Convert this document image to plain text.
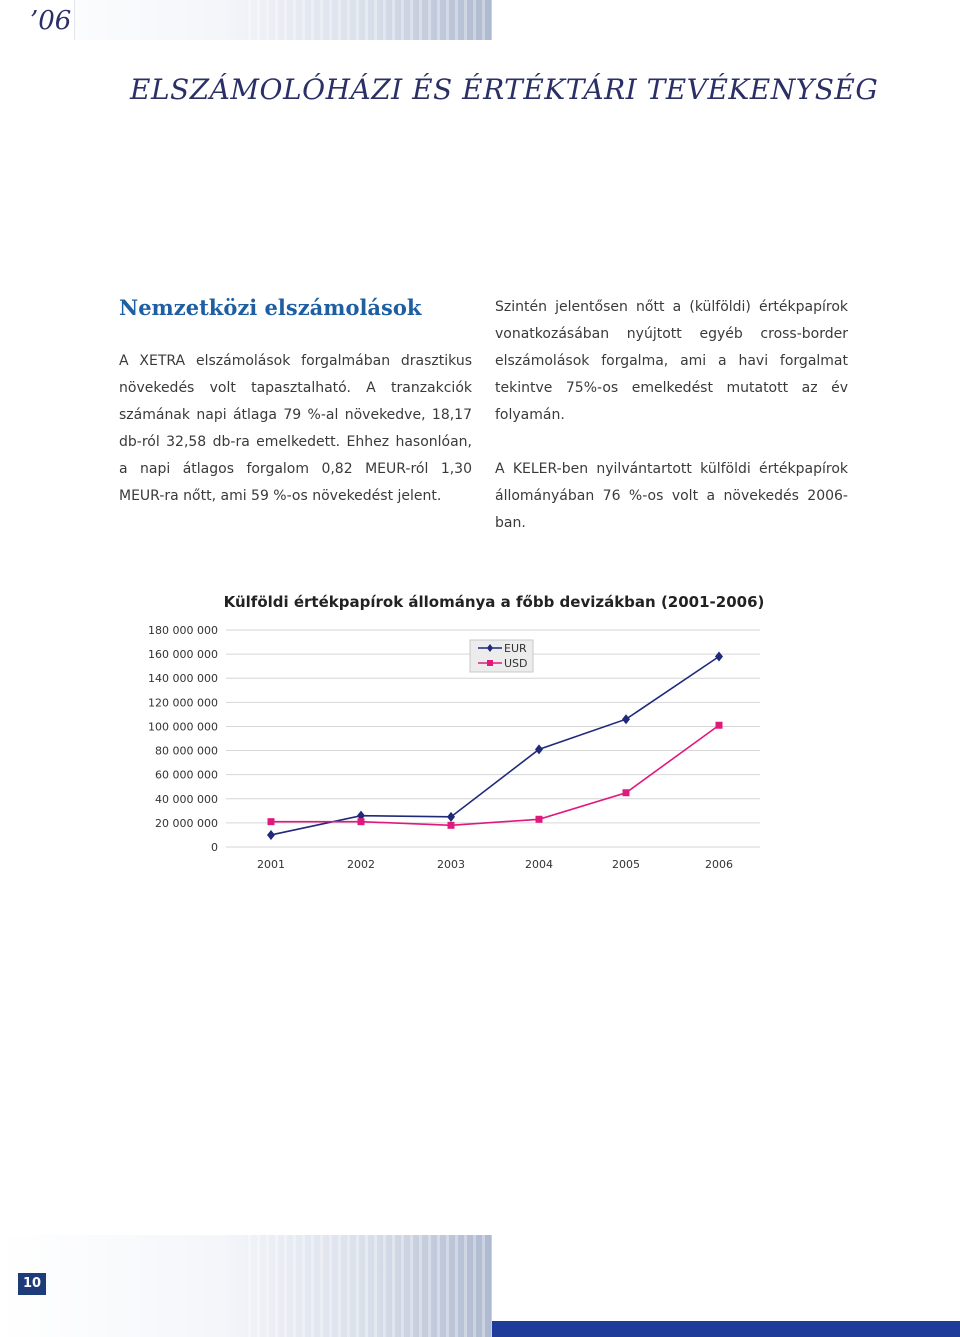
’06
ELSZÁMOLÓHÁZI ÉS ÉRTÉKTÁRI TEVÉKENYSÉG
Nemzetközi elszámolások

A XETRA elszámolások forgalmában drasztikus növekedés volt tapasztalható. A tranzakciók számának napi átlaga 79 %-al növekedve, 18,17 db-ról 32,58 db-ra emelkedett. Ehhez hasonlóan, a napi átlagos forgalom 0,82 MEUR-ról 1,30 MEUR-ra nőtt, ami 59 %-os növekedést jelent.

Szintén jelentősen nőtt a (külföldi) értékpapírok vonatkozásában nyújtott egyéb cross-border elszámolások forgalma, ami a havi forgalmat tekintve 75%-os emelkedést mutatott az év folyamán.

A KELER-ben nyilvántartott külföldi értékpapírok állományában 76 %-os volt a növekedés 2006-ban.

Külföldi értékpapírok állománya a főbb devizákban (2001-2006)
0
20 000 000
40 000 000
60 000 000
80 000 000
100 000 000
120 000 000
140 000 000
160 000 000
180 000 000
2001	2002	2003	2004	2005	2006
EUR
USD
10
